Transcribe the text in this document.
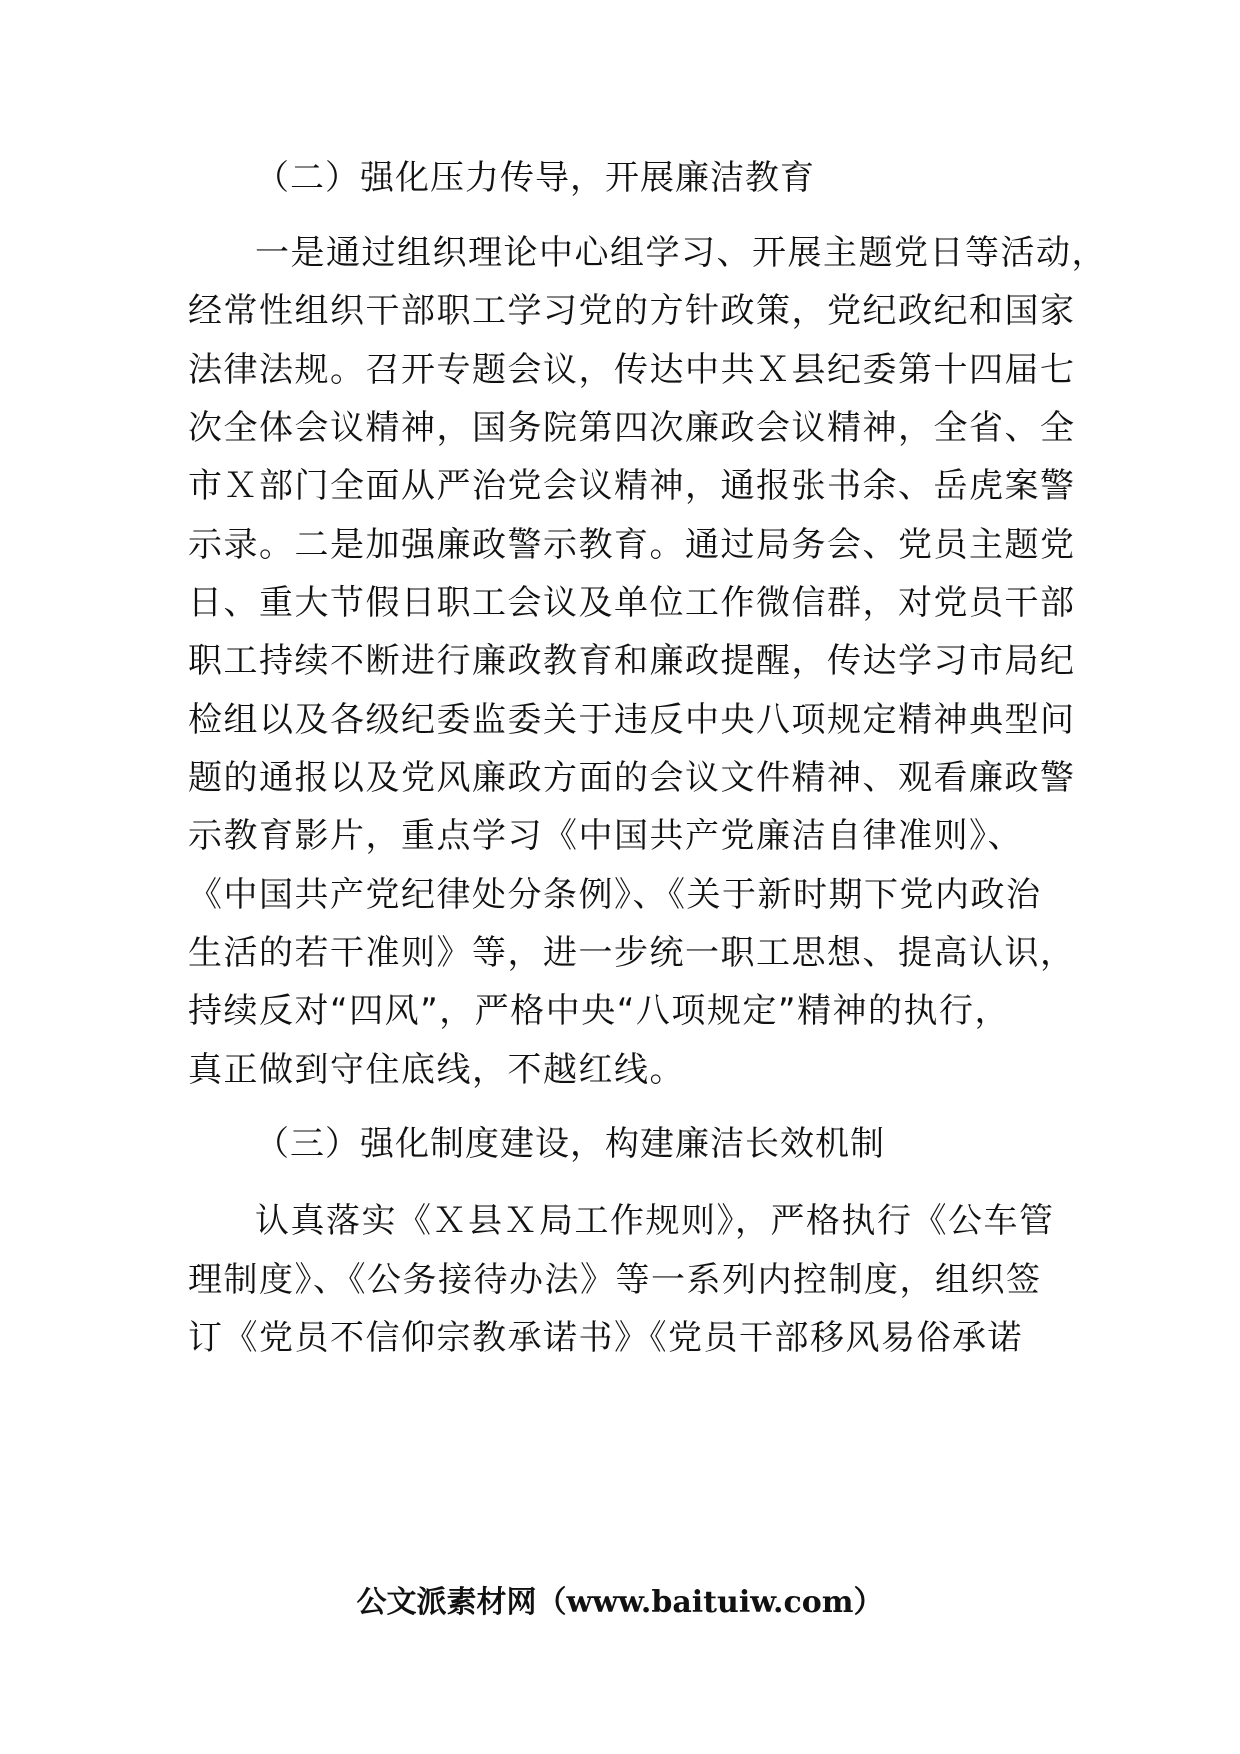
（二）强化压力传导，开展廉洁教育
一是通过组织理论中心组学习、开展主题党日等活动，
经常性组织干部职工学习党的方针政策，党纪政纪和国家
法律法规。召开专题会议，传达中共Ｘ县纪委第十四届七
次全体会议精神，国务院第四次廉政会议精神，全省、全
市Ｘ部门全面从严治党会议精神，通报张书余、岳虎案警
示录。二是加强廉政警示教育。通过局务会、党员主题党
日、重大节假日职工会议及单位工作微信群，对党员干部
职工持续不断进行廉政教育和廉政提醒，传达学习市局纪
检组以及各级纪委监委关于违反中央八项规定精神典型问
题的通报以及党风廉政方面的会议文件精神、观看廉政警
示教育影片，重点学习《中国共产党廉洁自律准则》、
《中国共产党纪律处分条例》、《关于新时期下党内政治
生活的若干准则》等，进一步统一职工思想、提高认识，
持续反对“四风”，严格中央“八项规定”精神的执行，
真正做到守住底线，不越红线。
（三）强化制度建设，构建廉洁长效机制
认真落实《Ｘ县Ｘ局工作规则》，严格执行《公车管
理制度》、《公务接待办法》等一系列内控制度，组织签
订《党员不信仰宗教承诺书》《党员干部移风易俗承诺
公文派素材网（www.baituiw.com）
